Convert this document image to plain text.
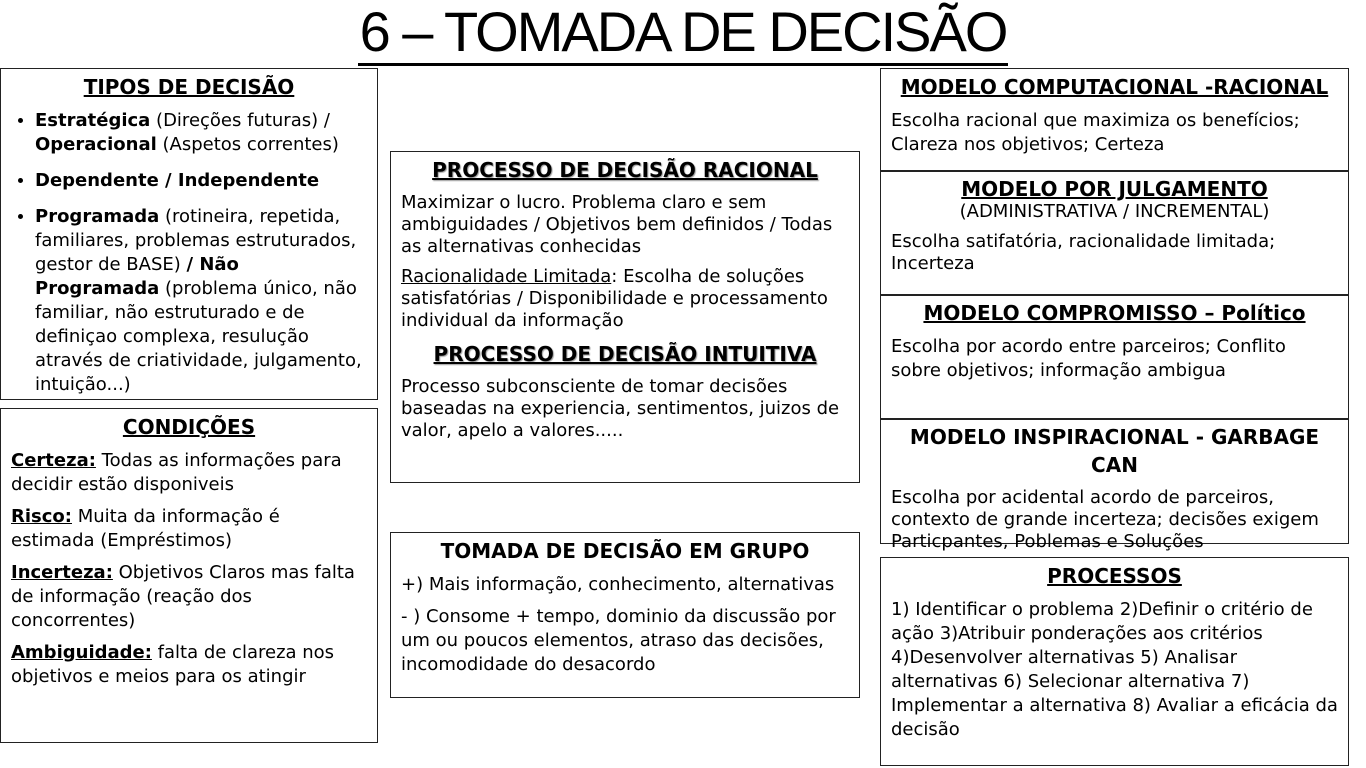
6 – TOMADA DE DECISÃO
TIPOS DE DECISÃO
• Estratégica (Direções futuras) /
Operacional (Aspetos correntes)
• Dependente / Independente
• Programada (rotineira, repetida, familiares, problemas estruturados, gestor de BASE) / Não Programada (problema único, não familiar, não estruturado e de definiçao complexa, resulução através de criatividade, julgamento, intuição...)
CONDIÇÕES

Certeza: Todas as informações para decidir estão disponiveis

Risco: Muita da informação é estimada (Empréstimos)

Incerteza: Objetivos Claros mas falta de informação (reação dos concorrentes)

Ambiguidade: falta de clareza nos objetivos e meios para os atingir

PROCESSO DE DECISÃO RACIONAL

Maximizar o lucro. Problema claro e sem ambiguidades / Objetivos bem definidos / Todas as alternativas conhecidas

Racionalidade Limitada: Escolha de soluções satisfatórias / Disponibilidade e processamento individual da informação

PROCESSO DE DECISÃO INTUITIVA

Processo subconsciente de tomar decisões baseadas na experiencia, sentimentos, juizos de valor, apelo a valores.....

TOMADA DE DECISÃO EM GRUPO

+) Mais informação, conhecimento, alternativas

- ) Consome + tempo, dominio da discussão por um ou poucos elementos, atraso das decisões, incomodidade do desacordo

MODELO COMPUTACIONAL -RACIONAL

Escolha racional que maximiza os benefícios; Clareza nos objetivos; Certeza

MODELO POR JULGAMENTO
(ADMINISTRATIVA / INCREMENTAL)

Escolha satifatória, racionalidade limitada; Incerteza

MODELO COMPROMISSO – Político

Escolha por acordo entre parceiros; Conflito sobre objetivos; informação ambigua

MODELO INSPIRACIONAL - GARBAGE CAN

Escolha por acidental acordo de parceiros, contexto de grande incerteza; decisões exigem Particpantes, Poblemas e Soluções

PROCESSOS

1) Identificar o problema 2)Definir o critério de ação 3)Atribuir ponderações aos critérios 4)Desenvolver alternativas 5) Analisar alternativas 6) Selecionar alternativa 7) Implementar a alternativa 8) Avaliar a eficácia da decisão
